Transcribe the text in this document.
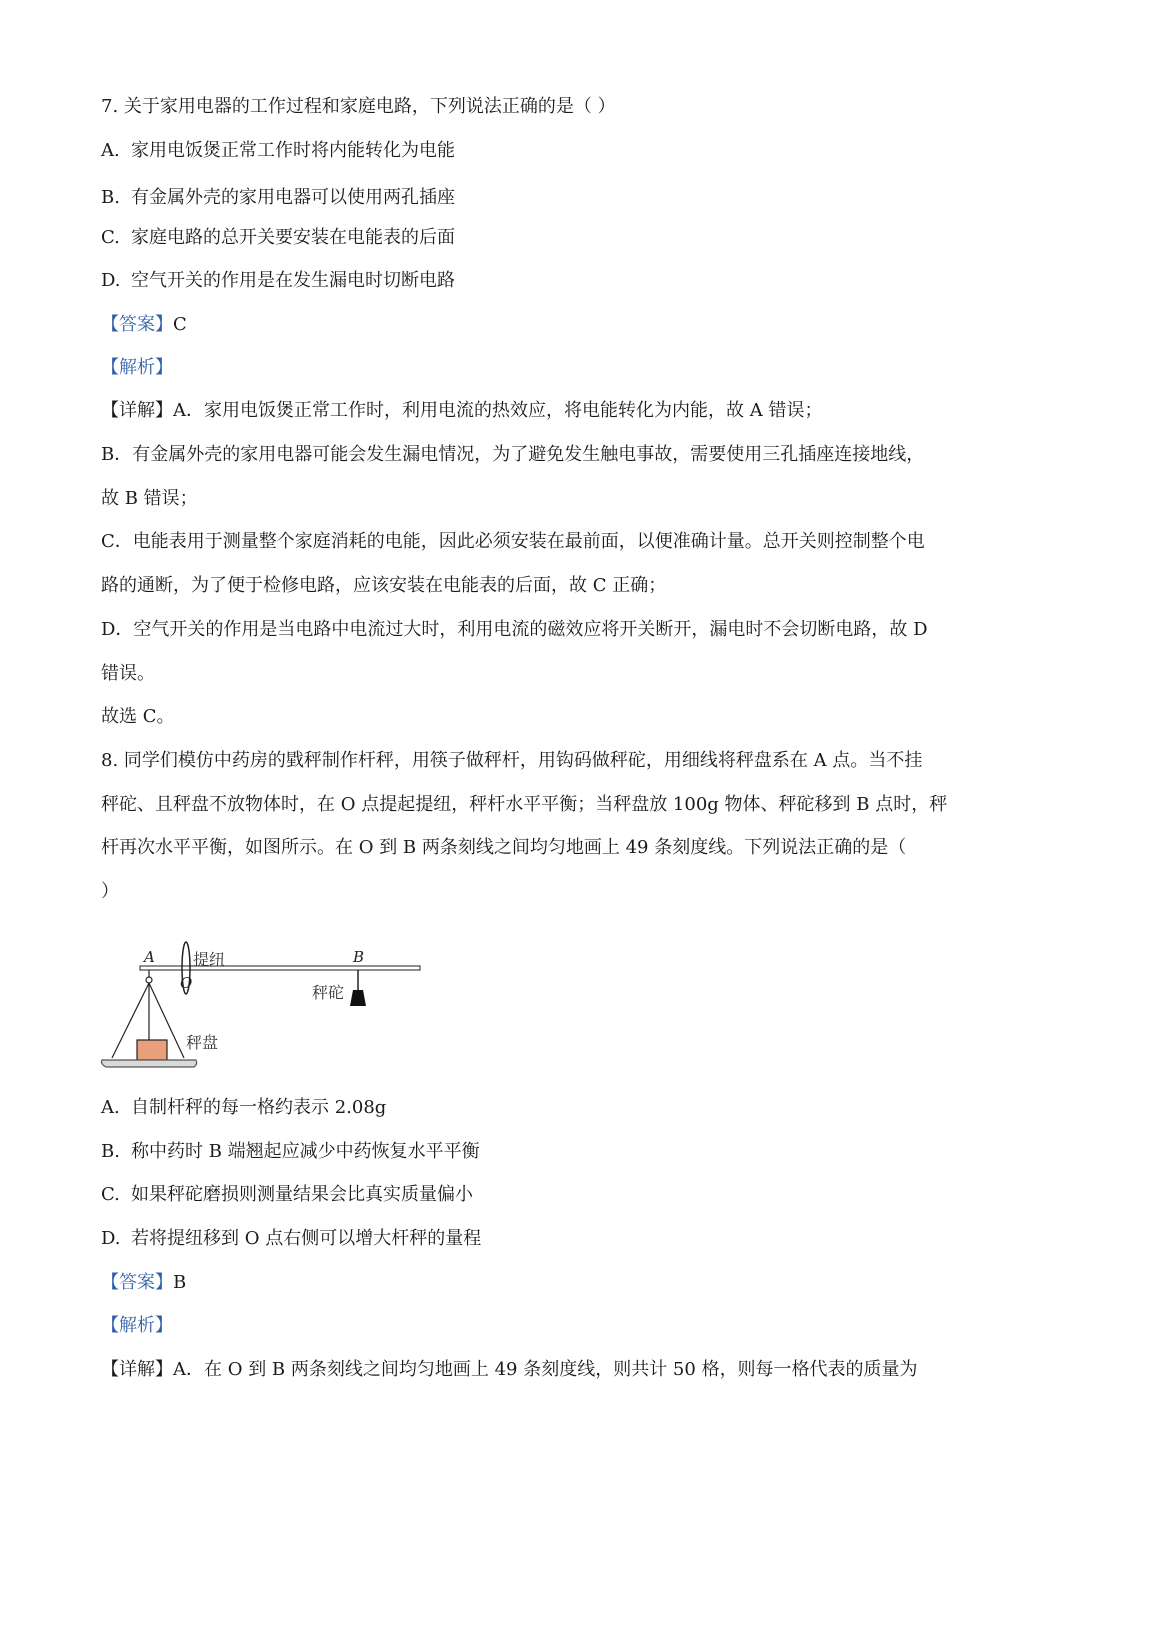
7. 关于家用电器的工作过程和家庭电路，下列说法正确的是（ ）
A. 家用电饭煲正常工作时将内能转化为电能
B. 有金属外壳的家用电器可以使用两孔插座
C. 家庭电路的总开关要安装在电能表的后面
D. 空气开关的作用是在发生漏电时切断电路
【答案】C
【解析】
【详解】A．家用电饭煲正常工作时，利用电流的热效应，将电能转化为内能，故 A 错误；
B．有金属外壳的家用电器可能会发生漏电情况，为了避免发生触电事故，需要使用三孔插座连接地线，
故 B 错误；
C．电能表用于测量整个家庭消耗的电能，因此必须安装在最前面，以便准确计量。总开关则控制整个电
路的通断，为了便于检修电路，应该安装在电能表的后面，故 C 正确；
D．空气开关的作用是当电路中电流过大时，利用电流的磁效应将开关断开，漏电时不会切断电路，故 D
错误。
故选 C。
8. 同学们模仿中药房的戥秤制作杆秤，用筷子做秤杆，用钩码做秤砣，用细线将秤盘系在 A 点。当不挂
秤砣、且秤盘不放物体时，在 O 点提起提纽，秤杆水平平衡；当秤盘放 100g 物体、秤砣移到 B 点时，秤
杆再次水平平衡，如图所示。在 O 到 B 两条刻线之间均匀地画上 49 条刻度线。下列说法正确的是（
）
提纽
A
O
B
秤砣
秤盘
A. 自制杆秤的每一格约表示 2.08g
B. 称中药时 B 端翘起应减少中药恢复水平平衡
C. 如果秤砣磨损则测量结果会比真实质量偏小
D. 若将提纽移到 O 点右侧可以增大杆秤的量程
【答案】B
【解析】
【详解】A．在 O 到 B 两条刻线之间均匀地画上 49 条刻度线，则共计 50 格，则每一格代表的质量为
